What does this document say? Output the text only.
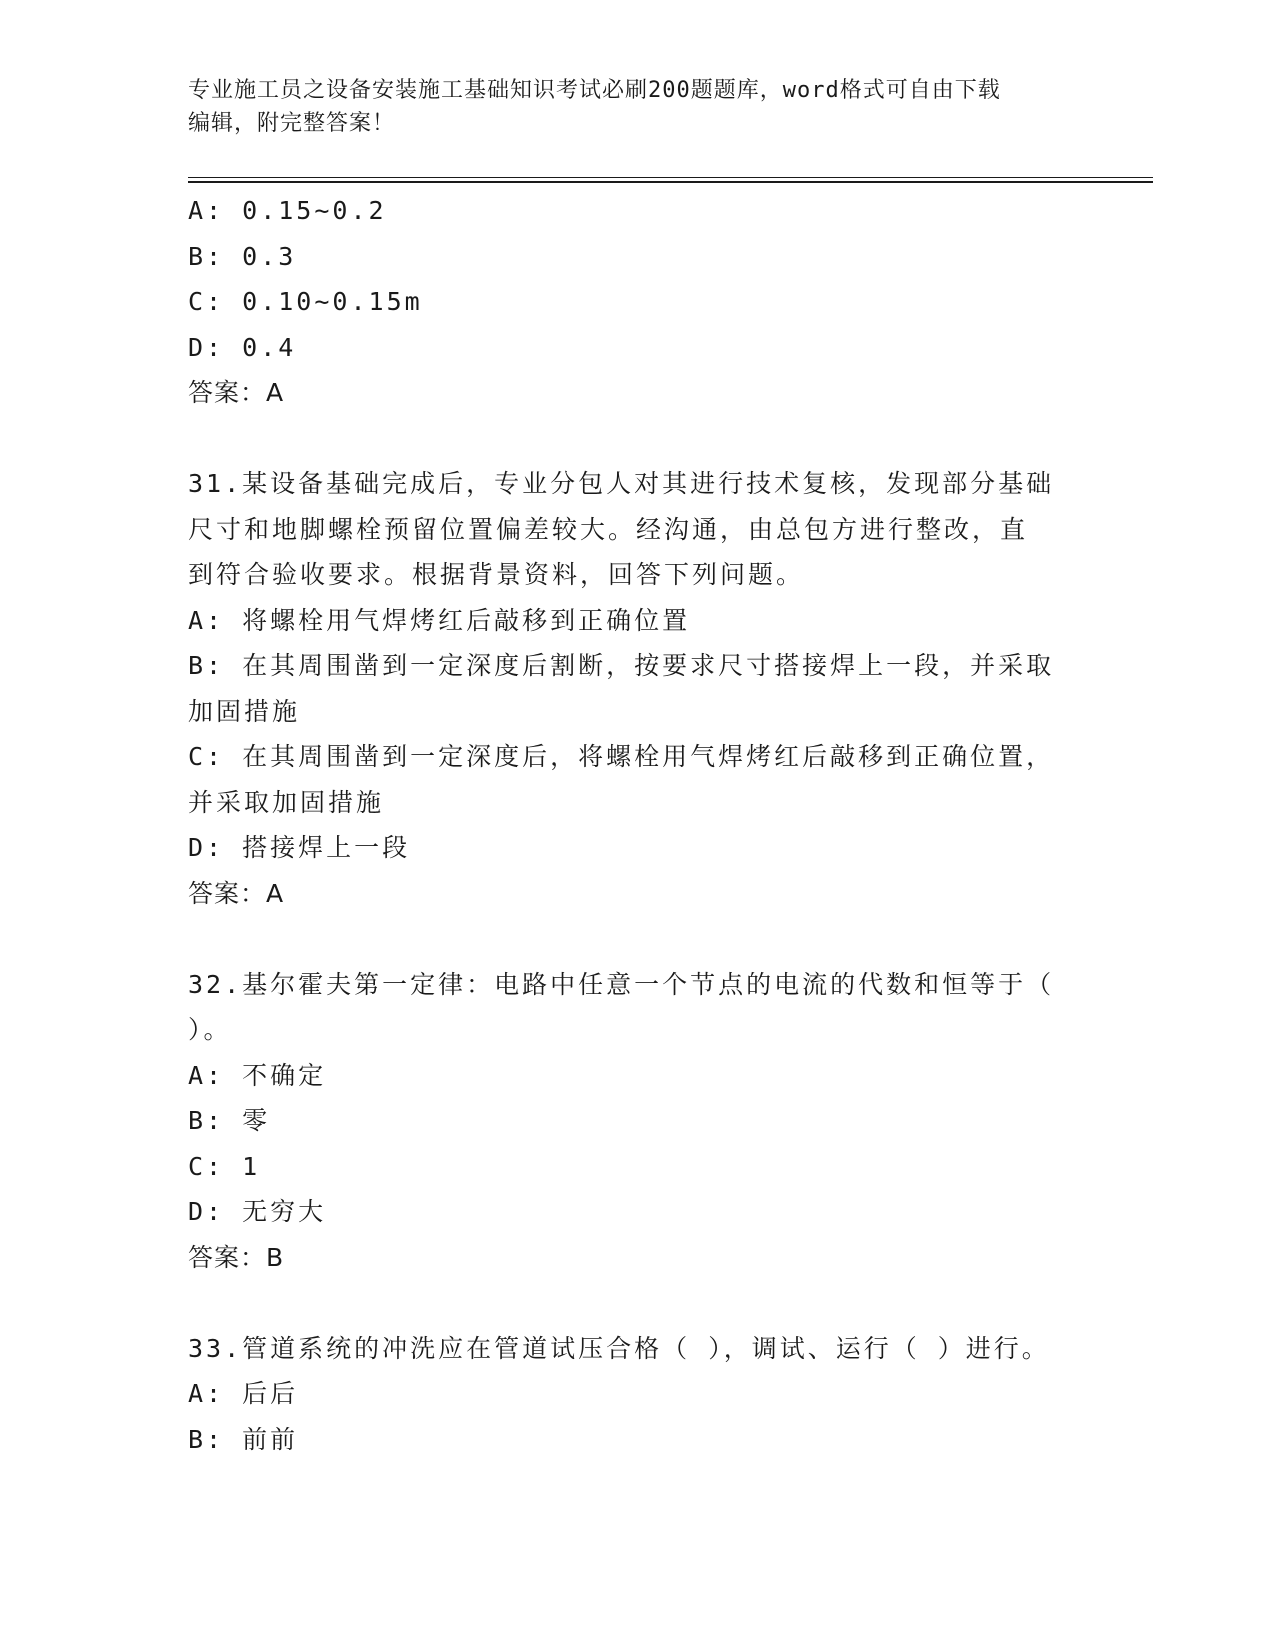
专业施工员之设备安装施工基础知识考试必刷200题题库，word格式可自由下载
编辑，附完整答案！
A: 0.15~0.2
B: 0.3
C: 0.10~0.15m
D: 0.4
答案：A
31.某设备基础完成后，专业分包人对其进行技术复核，发现部分基础
尺寸和地脚螺栓预留位置偏差较大。经沟通，由总包方进行整改，直
到符合验收要求。根据背景资料，回答下列问题。
A: 将螺栓用气焊烤红后敲移到正确位置
B: 在其周围凿到一定深度后割断，按要求尺寸搭接焊上一段，并采取
加固措施
C: 在其周围凿到一定深度后，将螺栓用气焊烤红后敲移到正确位置，
并采取加固措施
D: 搭接焊上一段
答案：A
32.基尔霍夫第一定律：电路中任意一个节点的电流的代数和恒等于（
）。
A: 不确定
B: 零
C: 1
D: 无穷大
答案：B
33.管道系统的冲洗应在管道试压合格（ ），调试、运行（ ）进行。
A: 后后
B: 前前
